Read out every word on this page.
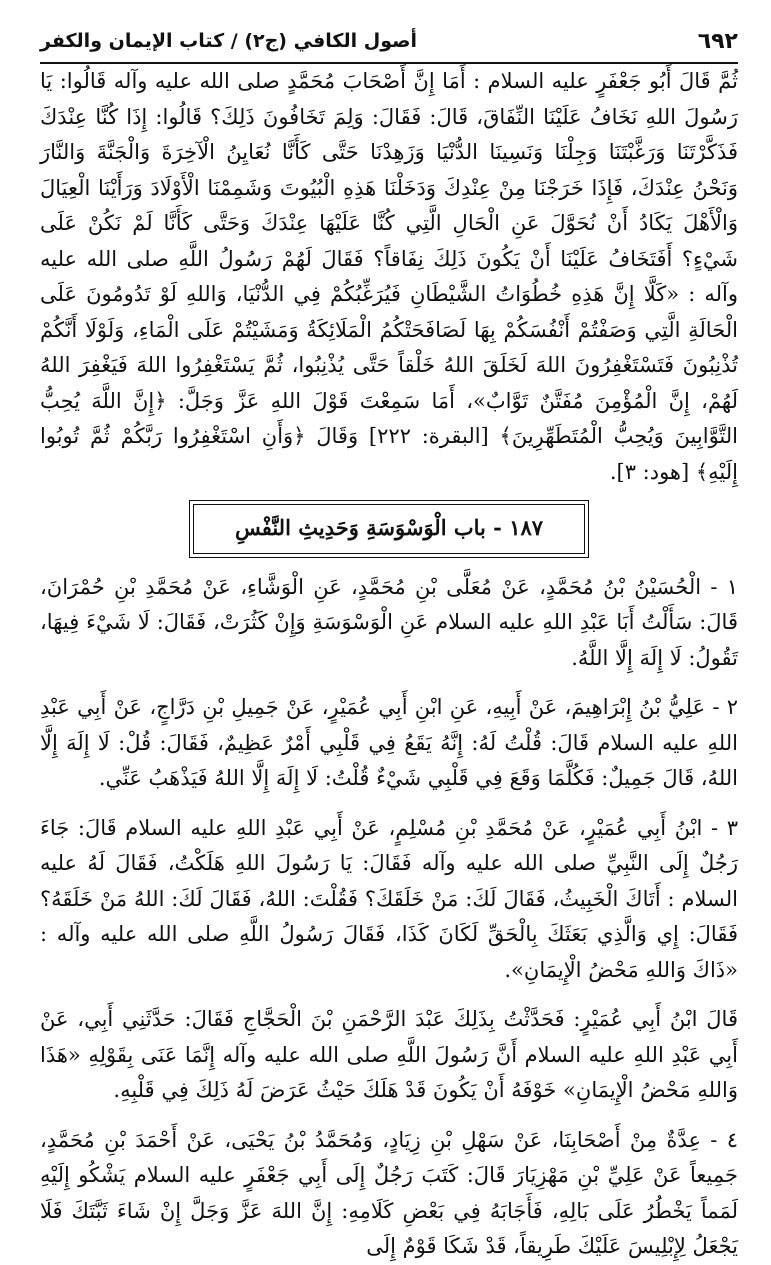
٦٩٢
أصول الكافي (ج٢) / كتاب الإيمان والكفر

ثُمَّ قَالَ أَبُو جَعْفَرٍ عليه السلام : أَمَا إِنَّ أَصْحَابَ مُحَمَّدٍ صلى الله عليه وآله قَالُوا: يَا رَسُولَ اللهِ نَخَافُ عَلَيْنَا النِّفَاقَ، قَالَ: فَقَالَ: وَلِمَ تَخَافُونَ ذَلِكَ؟ قَالُوا: إِذَا كُنَّا عِنْدَكَ فَذَكَّرْتَنَا وَرَغَّبْتَنَا وَجِلْنَا وَنَسِينَا الدُّنْيَا وَزَهِدْنَا حَتَّى كَأَنَّا نُعَايِنُ الْآخِرَةَ وَالْجَنَّةَ وَالنَّارَ وَنَحْنُ عِنْدَكَ، فَإِذَا خَرَجْنَا مِنْ عِنْدِكَ وَدَخَلْنَا هَذِهِ الْبُيُوتَ وَشَمِمْنَا الْأَوْلَادَ وَرَأَيْنَا الْعِيَالَ وَالْأَهْلَ يَكَادُ أَنْ نُحَوَّلَ عَنِ الْحَالِ الَّتِي كُنَّا عَلَيْهَا عِنْدَكَ وَحَتَّى كَأَنَّا لَمْ نَكُنْ عَلَى شَيْءٍ؟ أَفَتَخَافُ عَلَيْنَا أَنْ يَكُونَ ذَلِكَ نِفَاقاً؟ فَقَالَ لَهُمْ رَسُولُ اللَّهِ صلى الله عليه وآله : «كَلَّا إِنَّ هَذِهِ خُطُوَاتُ الشَّيْطَانِ فَيُرَغِّبُكُمْ فِي الدُّنْيَا، وَاللهِ لَوْ تَدُومُونَ عَلَى الْحَالَةِ الَّتِي وَصَفْتُمْ أَنْفُسَكُمْ بِهَا لَصَافَحَتْكُمُ الْمَلَائِكَةُ وَمَشَيْتُمْ عَلَى الْمَاءِ، وَلَوْلَا أَنَّكُمْ تُذْنِبُونَ فَتَسْتَغْفِرُونَ اللهَ لَخَلَقَ اللهُ خَلْقاً حَتَّى يُذْنِبُوا، ثُمَّ يَسْتَغْفِرُوا اللهَ فَيَغْفِرَ اللهُ لَهُمْ، إِنَّ الْمُؤْمِنَ مُفَتَّنٌ تَوَّابٌ»، أَمَا سَمِعْتَ قَوْلَ اللهِ عَزَّ وَجَلَّ: ﴿إِنَّ اللَّهَ يُحِبُّ التَّوَّابِينَ وَيُحِبُّ الْمُتَطَهِّرِينَ﴾ [البقرة: ٢٢٢] وَقَالَ ﴿وَأَنِ اسْتَغْفِرُوا رَبَّكُمْ ثُمَّ تُوبُوا إِلَيْهِ﴾ [هود: ٣].

١٨٧ - باب الْوَسْوَسَةِ وَحَدِيثِ النَّفْسِ

١ - الْحُسَيْنُ بْنُ مُحَمَّدٍ، عَنْ مُعَلَّى بْنِ مُحَمَّدٍ، عَنِ الْوَشَّاءِ، عَنْ مُحَمَّدِ بْنِ حُمْرَانَ، قَالَ: سَأَلْتُ أَبَا عَبْدِ اللهِ عليه السلام عَنِ الْوَسْوَسَةِ وَإِنْ كَثُرَتْ، فَقَالَ: لَا شَيْءَ فِيهَا، تَقُولُ: لَا إِلَهَ إِلَّا اللَّهُ.

٢ - عَلِيُّ بْنُ إِبْرَاهِيمَ، عَنْ أَبِيهِ، عَنِ ابْنِ أَبِي عُمَيْرٍ، عَنْ جَمِيلِ بْنِ دَرَّاجٍ، عَنْ أَبِي عَبْدِ اللهِ عليه السلام قَالَ: قُلْتُ لَهُ: إِنَّهُ يَقَعُ فِي قَلْبِي أَمْرٌ عَظِيمٌ، فَقَالَ: قُلْ: لَا إِلَهَ إِلَّا اللهُ، قَالَ جَمِيلٌ: فَكُلَّمَا وَقَعَ فِي قَلْبِي شَيْءٌ قُلْتُ: لَا إِلَهَ إِلَّا اللهُ فَيَذْهَبُ عَنِّي.

٣ - ابْنُ أَبِي عُمَيْرٍ، عَنْ مُحَمَّدِ بْنِ مُسْلِمٍ، عَنْ أَبِي عَبْدِ اللهِ عليه السلام قَالَ: جَاءَ رَجُلٌ إِلَى النَّبِيِّ صلى الله عليه وآله فَقَالَ: يَا رَسُولَ اللهِ هَلَكْتُ، فَقَالَ لَهُ عليه السلام : أَتَاكَ الْخَبِيثُ، فَقَالَ لَكَ: مَنْ خَلَقَكَ؟ فَقُلْتَ: اللهُ، فَقَالَ لَكَ: اللهُ مَنْ خَلَقَهُ؟ فَقَالَ: إِي وَالَّذِي بَعَثَكَ بِالْحَقِّ لَكَانَ كَذَا، فَقَالَ رَسُولُ اللَّهِ صلى الله عليه وآله : «ذَاكَ وَاللهِ مَحْضُ الْإِيمَانِ».

قَالَ ابْنُ أَبِي عُمَيْرٍ: فَحَدَّثْتُ بِذَلِكَ عَبْدَ الرَّحْمَنِ بْنَ الْحَجَّاجِ فَقَالَ: حَدَّثَنِي أَبِي، عَنْ أَبِي عَبْدِ اللهِ عليه السلام أَنَّ رَسُولَ اللَّهِ صلى الله عليه وآله إِنَّمَا عَنَى بِقَوْلِهِ «هَذَا وَاللهِ مَحْضُ الْإِيمَانِ» خَوْفَهُ أَنْ يَكُونَ قَدْ هَلَكَ حَيْثُ عَرَضَ لَهُ ذَلِكَ فِي قَلْبِهِ.

٤ - عِدَّةٌ مِنْ أَصْحَابِنَا، عَنْ سَهْلِ بْنِ زِيَادٍ، وَمُحَمَّدُ بْنُ يَحْيَى، عَنْ أَحْمَدَ بْنِ مُحَمَّدٍ، جَمِيعاً عَنْ عَلِيِّ بْنِ مَهْزِيَارَ قَالَ: كَتَبَ رَجُلٌ إِلَى أَبِي جَعْفَرٍ عليه السلام يَشْكُو إِلَيْهِ لَمَماً يَخْطُرُ عَلَى بَالِهِ، فَأَجَابَهُ فِي بَعْضِ كَلَامِهِ: إِنَّ اللهَ عَزَّ وَجَلَّ إِنْ شَاءَ ثَبَّتَكَ فَلَا يَجْعَلُ لِإِبْلِيسَ عَلَيْكَ طَرِيقاً، قَدْ شَكَا قَوْمٌ إِلَى
